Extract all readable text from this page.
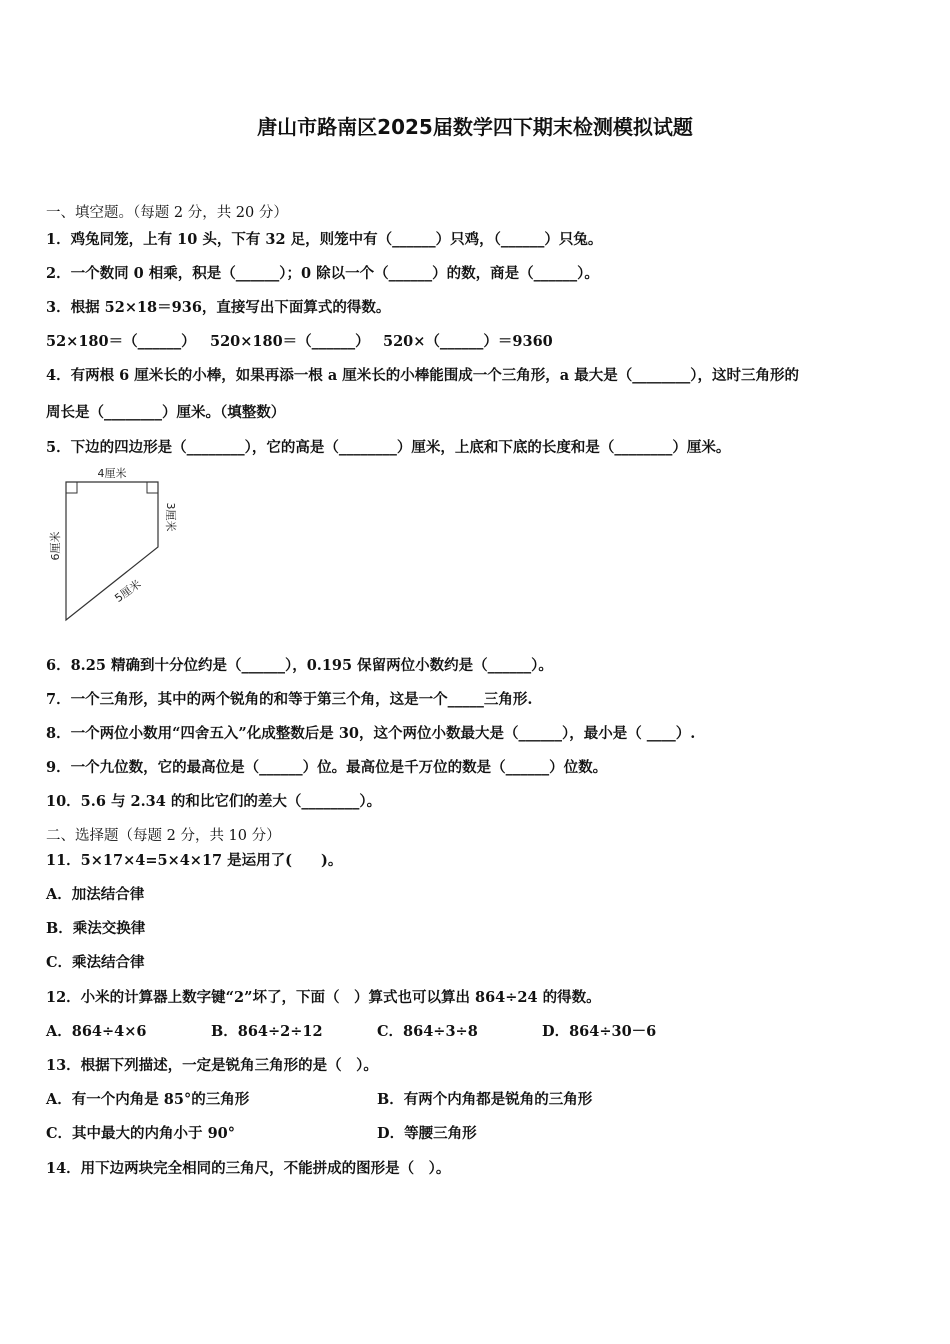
唐山市路南区2025届数学四下期末检测模拟试题
一、填空题。（每题 2 分，共 20 分）
1．鸡兔同笼，上有 10 头，下有 32 足，则笼中有（______）只鸡，（______）只兔。
2．一个数同 0 相乘，积是（______）；0 除以一个（______）的数，商是（______）。
3．根据 52×18＝936，直接写出下面算式的得数。
52×180＝（______） 520×180＝（______） 520×（______）＝9360
4．有两根 6 厘米长的小棒，如果再添一根 a 厘米长的小棒能围成一个三角形，a 最大是（________），这时三角形的
周长是（________）厘米。（填整数）
5．下边的四边形是（________），它的高是（________）厘米，上底和下底的长度和是（________）厘米。
4厘米
3厘米
6厘米
5厘米
6．8.25 精确到十分位约是（______），0.195 保留两位小数约是（______）。
7．一个三角形，其中的两个锐角的和等于第三个角，这是一个_____三角形.
8．一个两位小数用“四舍五入”化成整数后是 30，这个两位小数最大是（______），最小是（ ____）.
9．一个九位数，它的最高位是（______）位。最高位是千万位的数是（______）位数。
10．5.6 与 2.34 的和比它们的差大（________）。
二、选择题（每题 2 分，共 10 分）
11．5×17×4=5×4×17 是运用了(　　)。
A．加法结合律
B．乘法交换律
C．乘法结合律
12．小米的计算器上数字键“2”坏了，下面（　）算式也可以算出 864÷24 的得数。
A．864÷4×6	B．864÷2÷12	C．864÷3÷8	D．864÷30－6
13．根据下列描述，一定是锐角三角形的是（　）。
A．有一个内角是 85°的三角形	B．有两个内角都是锐角的三角形
C．其中最大的内角小于 90°	D．等腰三角形
14．用下边两块完全相同的三角尺，不能拼成的图形是（　）。
